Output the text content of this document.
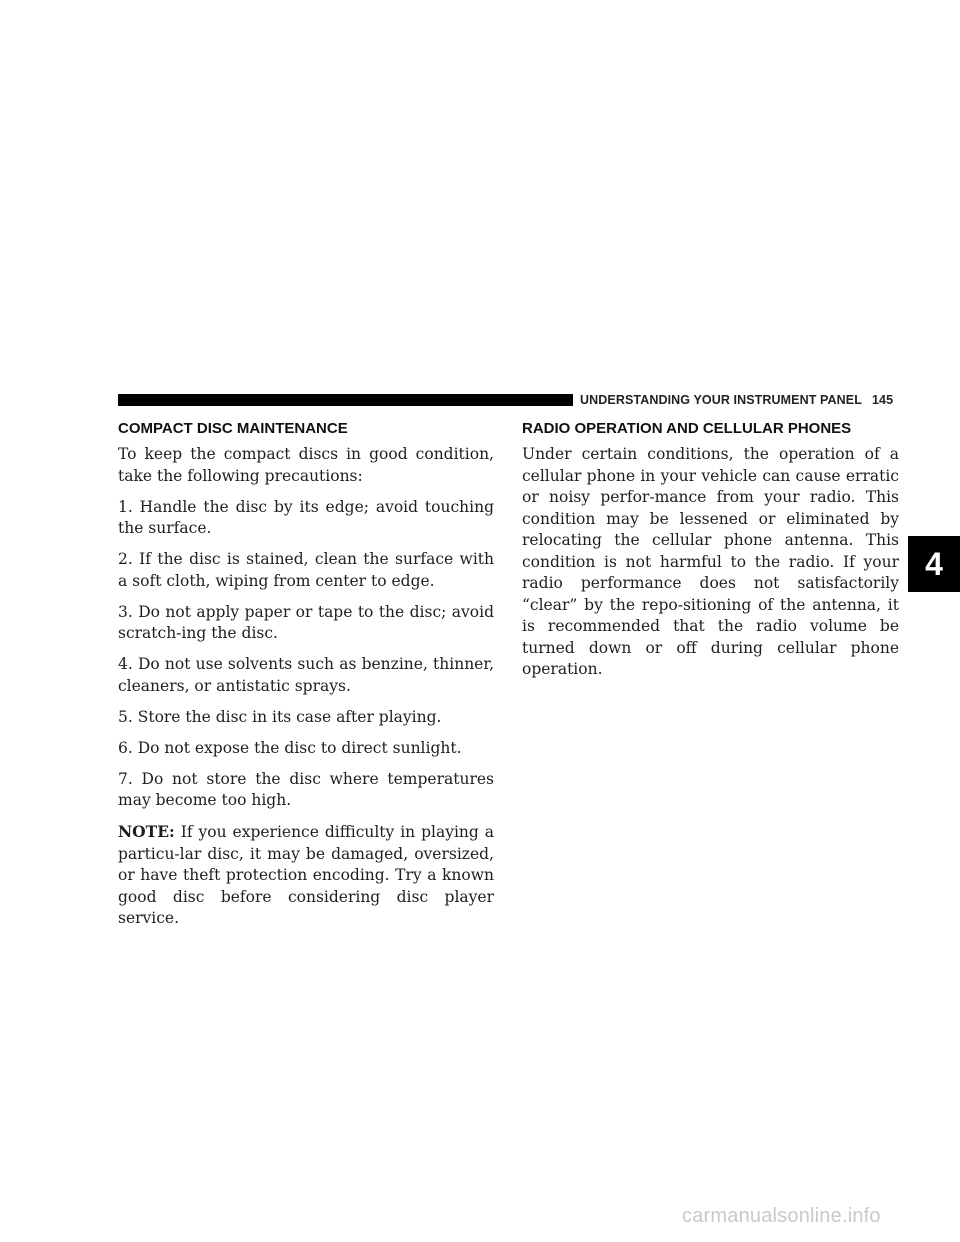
UNDERSTANDING YOUR INSTRUMENT PANEL 145
COMPACT DISC MAINTENANCE

To keep the compact discs in good condition, take the following precautions:

1. Handle the disc by its edge; avoid touching the surface.

2. If the disc is stained, clean the surface with a soft cloth, wiping from center to edge.

3. Do not apply paper or tape to the disc; avoid scratch-ing the disc.

4. Do not use solvents such as benzine, thinner, cleaners, or antistatic sprays.

5. Store the disc in its case after playing.

6. Do not expose the disc to direct sunlight.

7. Do not store the disc where temperatures may become too high.

NOTE: If you experience difficulty in playing a particu-lar disc, it may be damaged, oversized, or have theft protection encoding. Try a known good disc before considering disc player service.

RADIO OPERATION AND CELLULAR PHONES

Under certain conditions, the operation of a cellular phone in your vehicle can cause erratic or noisy perfor-mance from your radio. This condition may be lessened or eliminated by relocating the cellular phone antenna. This condition is not harmful to the radio. If your radio performance does not satisfactorily “clear” by the repo-sitioning of the antenna, it is recommended that the radio volume be turned down or off during cellular phone operation.

4
carmanualsonline.info
